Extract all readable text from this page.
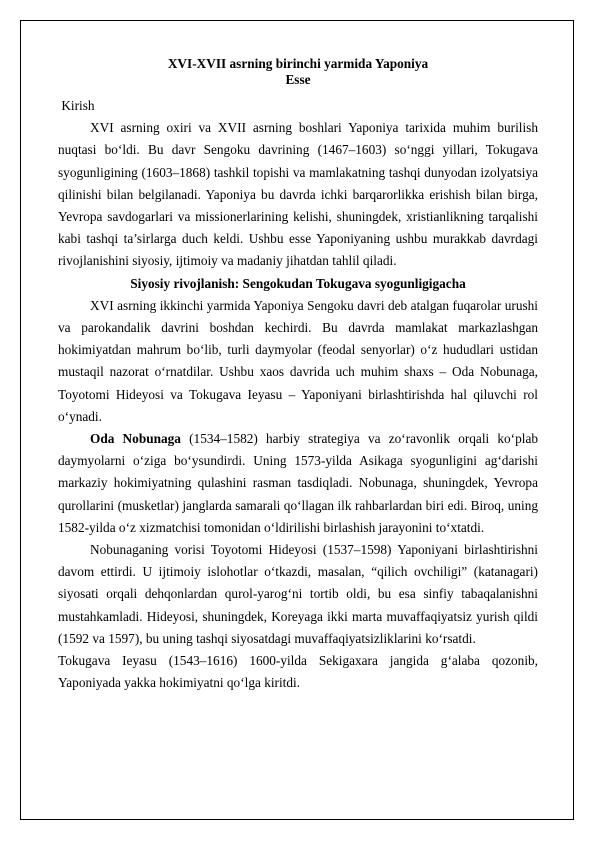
XVI-XVII asrning birinchi yarmida Yaponiya

Esse

Kirish

XVI asrning oxiri va XVII asrning boshlari Yaponiya tarixida muhim burilish nuqtasi bo‘ldi. Bu davr Sengoku davrining (1467–1603) so‘nggi yillari, Tokugava syogunligining (1603–1868) tashkil topishi va mamlakatning tashqi dunyodan izolyatsiya qilinishi bilan belgilanadi. Yaponiya bu davrda ichki barqarorlikka erishish bilan birga, Yevropa savdogarlari va missionerlarining kelishi, shuningdek, xristianlikning tarqalishi kabi tashqi ta’sirlarga duch keldi. Ushbu esse Yaponiyaning ushbu murakkab davrdagi rivojlanishini siyosiy, ijtimoiy va madaniy jihatdan tahlil qiladi.

Siyosiy rivojlanish: Sengokudan Tokugava syogunligigacha

XVI asrning ikkinchi yarmida Yaponiya Sengoku davri deb atalgan fuqarolar urushi va parokandalik davrini boshdan kechirdi. Bu davrda mamlakat markazlashgan hokimiyatdan mahrum bo‘lib, turli daymyolar (feodal senyorlar) o‘z hududlari ustidan mustaqil nazorat o‘rnatdilar. Ushbu xaos davrida uch muhim shaxs – Oda Nobunaga, Toyotomi Hideyosi va Tokugava Ieyasu – Yaponiyani birlashtirishda hal qiluvchi rol o‘ynadi.

Oda Nobunaga (1534–1582) harbiy strategiya va zo‘ravonlik orqali ko‘plab daymyolarni o‘ziga bo‘ysundirdi. Uning 1573-yilda Asikaga syogunligini ag‘darishi markaziy hokimiyatning qulashini rasman tasdiqladi. Nobunaga, shuningdek, Yevropa qurollarini (musketlar) janglarda samarali qo‘llagan ilk rahbarlardan biri edi. Biroq, uning 1582-yilda o‘z xizmatchisi tomonidan o‘ldirilishi birlashish jarayonini to‘xtatdi.

Nobunaganing vorisi Toyotomi Hideyosi (1537–1598) Yaponiyani birlashtirishni davom ettirdi. U ijtimoiy islohotlar o‘tkazdi, masalan, “qilich ovchiligi” (katanagari) siyosati orqali dehqonlardan qurol-yarog‘ni tortib oldi, bu esa sinfiy tabaqalanishni mustahkamladi. Hideyosi, shuningdek, Koreyaga ikki marta muvaffaqiyatsiz yurish qildi (1592 va 1597), bu uning tashqi siyosatdagi muvaffaqiyatsizliklarini ko‘rsatdi.

Tokugava Ieyasu (1543–1616) 1600-yilda Sekigaxara jangida g‘alaba qozonib, Yaponiyada yakka hokimiyatni qo‘lga kiritdi.
